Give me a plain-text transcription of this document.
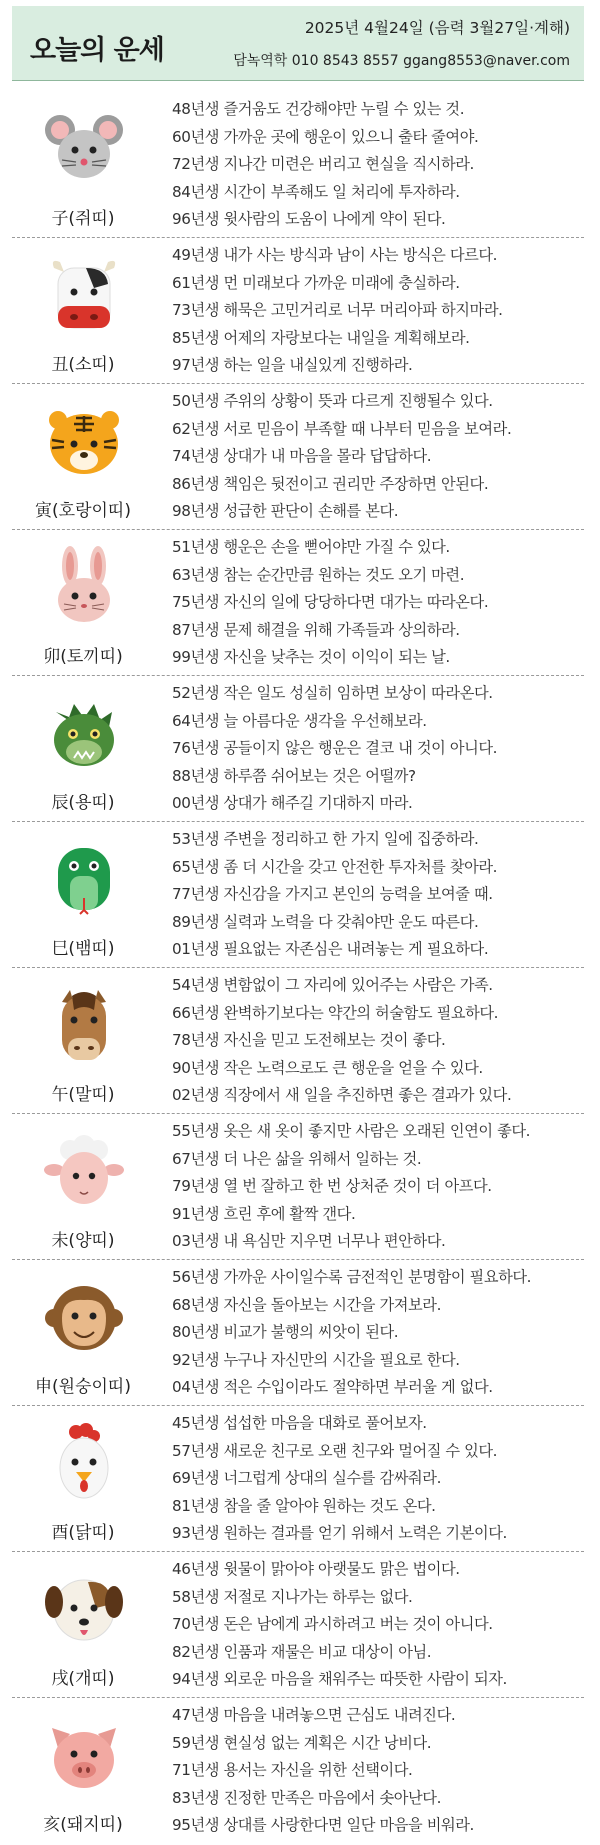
오늘의 운세
2025년 4월24일 (음력 3월27일·계해)
담녹역학 010 8543 8557 ggang8553@naver.com
子(쥐띠)
48년생 즐거움도 건강해야만 누릴 수 있는 것.
60년생 가까운 곳에 행운이 있으니 출타 줄여야.
72년생 지나간 미련은 버리고 현실을 직시하라.
84년생 시간이 부족해도 일 처리에 투자하라.
96년생 윗사람의 도움이 나에게 약이 된다.
丑(소띠)
49년생 내가 사는 방식과 남이 사는 방식은 다르다.
61년생 먼 미래보다 가까운 미래에 충실하라.
73년생 해묵은 고민거리로 너무 머리아파 하지마라.
85년생 어제의 자랑보다는 내일을 계획해보라.
97년생 하는 일을 내실있게 진행하라.
寅(호랑이띠)
50년생 주위의 상황이 뜻과 다르게 진행될수 있다.
62년생 서로 믿음이 부족할 때 나부터 믿음을 보여라.
74년생 상대가 내 마음을 몰라 답답하다.
86년생 책임은 뒷전이고 권리만 주장하면 안된다.
98년생 성급한 판단이 손해를 본다.
卯(토끼띠)
51년생 행운은 손을 뻗어야만 가질 수 있다.
63년생 참는 순간만큼 원하는 것도 오기 마련.
75년생 자신의 일에 당당하다면 대가는 따라온다.
87년생 문제 해결을 위해 가족들과 상의하라.
99년생 자신을 낮추는 것이 이익이 되는 날.
辰(용띠)
52년생 작은 일도 성실히 임하면 보상이 따라온다.
64년생 늘 아름다운 생각을 우선해보라.
76년생 공들이지 않은 행운은 결코 내 것이 아니다.
88년생 하루쯤 쉬어보는 것은 어떨까?
00년생 상대가 해주길 기대하지 마라.
巳(뱀띠)
53년생 주변을 정리하고 한 가지 일에 집중하라.
65년생 좀 더 시간을 갖고 안전한 투자처를 찾아라.
77년생 자신감을 가지고 본인의 능력을 보여줄 때.
89년생 실력과 노력을 다 갖춰야만 운도 따른다.
01년생 필요없는 자존심은 내려놓는 게 필요하다.
午(말띠)
54년생 변함없이 그 자리에 있어주는 사람은 가족.
66년생 완벽하기보다는 약간의 허술함도 필요하다.
78년생 자신을 믿고 도전해보는 것이 좋다.
90년생 작은 노력으로도 큰 행운을 얻을 수 있다.
02년생 직장에서 새 일을 추진하면 좋은 결과가 있다.
未(양띠)
55년생 옷은 새 옷이 좋지만 사람은 오래된 인연이 좋다.
67년생 더 나은 삶을 위해서 일하는 것.
79년생 열 번 잘하고 한 번 상처준 것이 더 아프다.
91년생 흐린 후에 활짝 갠다.
03년생 내 욕심만 지우면 너무나 편안하다.
申(원숭이띠)
56년생 가까운 사이일수록 금전적인 분명함이 필요하다.
68년생 자신을 돌아보는 시간을 가져보라.
80년생 비교가 불행의 씨앗이 된다.
92년생 누구나 자신만의 시간을 필요로 한다.
04년생 적은 수입이라도 절약하면 부러울 게 없다.
酉(닭띠)
45년생 섭섭한 마음을 대화로 풀어보자.
57년생 새로운 친구로 오랜 친구와 멀어질 수 있다.
69년생 너그럽게 상대의 실수를 감싸줘라.
81년생 참을 줄 알아야 원하는 것도 온다.
93년생 원하는 결과를 얻기 위해서 노력은 기본이다.
戌(개띠)
46년생 윗물이 맑아야 아랫물도 맑은 법이다.
58년생 저절로 지나가는 하루는 없다.
70년생 돈은 남에게 과시하려고 버는 것이 아니다.
82년생 인품과 재물은 비교 대상이 아님.
94년생 외로운 마음을 채워주는 따뜻한 사람이 되자.
亥(돼지띠)
47년생 마음을 내려놓으면 근심도 내려진다.
59년생 현실성 없는 계획은 시간 낭비다.
71년생 용서는 자신을 위한 선택이다.
83년생 진정한 만족은 마음에서 솟아난다.
95년생 상대를 사랑한다면 일단 마음을 비워라.
